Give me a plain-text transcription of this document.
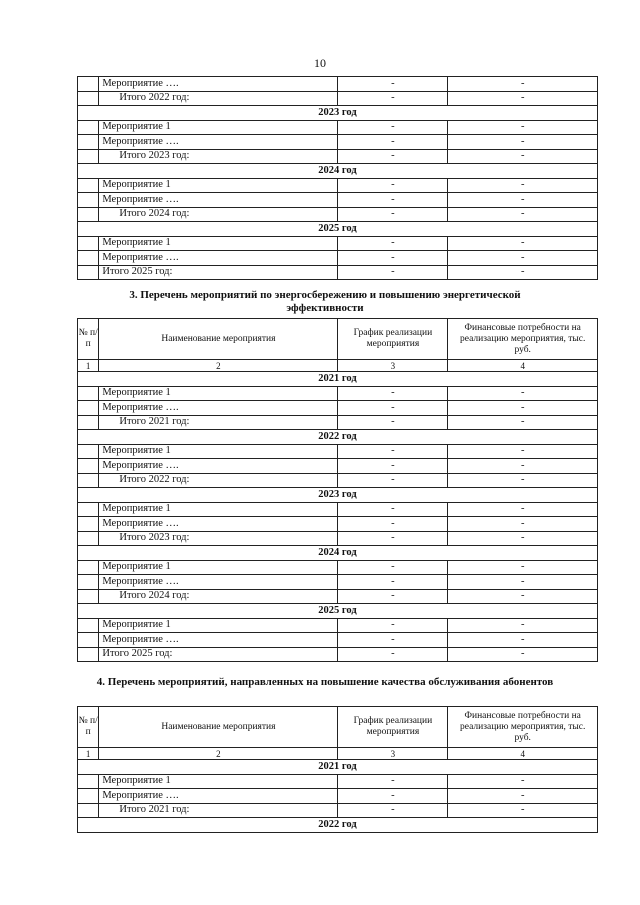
10
	Мероприятие ….	-	-
	Итого 2022 год:	-	-
2023 год			
	Мероприятие 1	-	-
	Мероприятие ….	-	-
	Итого 2023 год:	-	-
2024 год			
	Мероприятие 1	-	-
	Мероприятие ….	-	-
	Итого 2024 год:	-	-
2025 год			
	Мероприятие 1	-	-
	Мероприятие ….	-	-
	Итого 2025 год:	-	-

3. Перечень мероприятий по энергосбережению и повышению энергетической эффективности

№ п/п	Наименование мероприятия	График реализации мероприятия	Финансовые потребности на реализацию мероприятия, тыс. руб.
1	2	3	4
2021 год			
	Мероприятие 1	-	-
	Мероприятие ….	-	-
	Итого 2021 год:	-	-
2022 год			
	Мероприятие 1	-	-
	Мероприятие ….	-	-
	Итого 2022 год:	-	-
2023 год			
	Мероприятие 1	-	-
	Мероприятие ….	-	-
	Итого 2023 год:	-	-
2024 год			
	Мероприятие 1	-	-
	Мероприятие ….	-	-
	Итого 2024 год:	-	-
2025 год			
	Мероприятие 1	-	-
	Мероприятие ….	-	-
	Итого 2025 год:	-	-

4. Перечень мероприятий, направленных на повышение качества обслуживания абонентов

№ п/п	Наименование мероприятия	График реализации мероприятия	Финансовые потребности на реализацию мероприятия, тыс. руб.
1	2	3	4
2021 год			
	Мероприятие 1	-	-
	Мероприятие ….	-	-
	Итого 2021 год:	-	-
2022 год			
